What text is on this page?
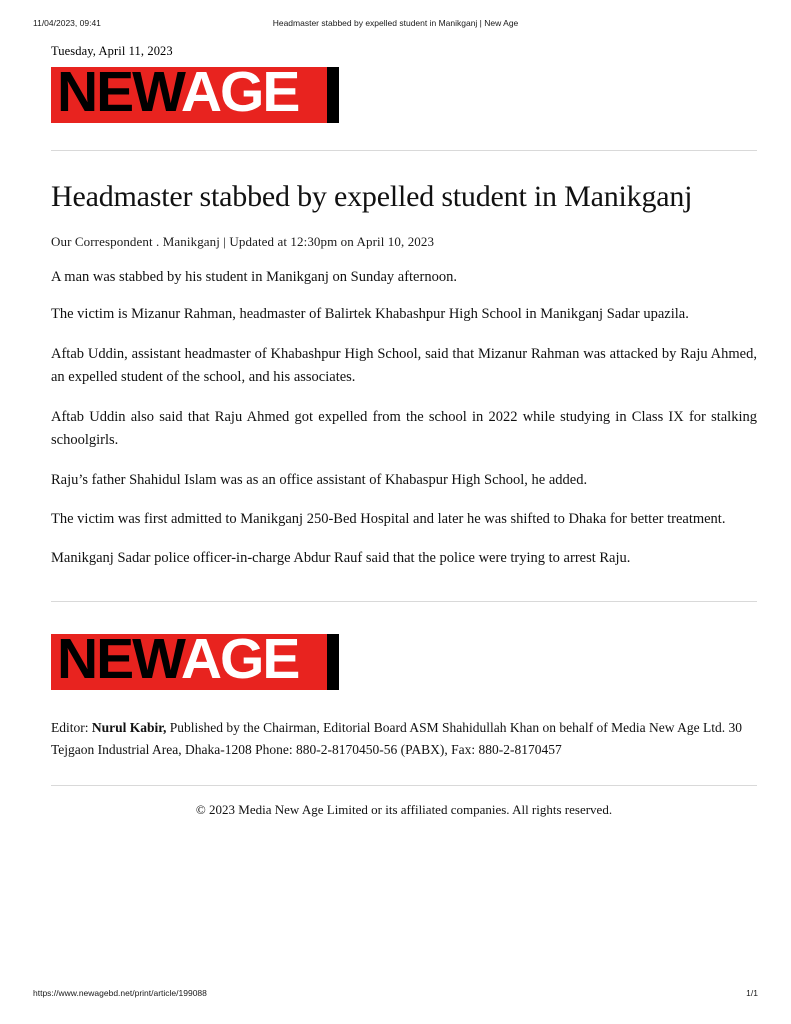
11/04/2023, 09:41	Headmaster stabbed by expelled student in Manikganj | New Age
Tuesday, April 11, 2023
NEWAGE
Headmaster stabbed by expelled student in Manikganj
Our Correspondent . Manikganj | Updated at 12:30pm on April 10, 2023

A man was stabbed by his student in Manikganj on Sunday afternoon.

The victim is Mizanur Rahman, headmaster of Balirtek Khabashpur High School in Manikganj Sadar upazila.

Aftab Uddin, assistant headmaster of Khabashpur High School, said that Mizanur Rahman was attacked by Raju Ahmed, an expelled student of the school, and his associates.

Aftab Uddin also said that Raju Ahmed got expelled from the school in 2022 while studying in Class IX for stalking schoolgirls.

Raju’s father Shahidul Islam was as an office assistant of Khabaspur High School, he added.

The victim was first admitted to Manikganj 250-Bed Hospital and later he was shifted to Dhaka for better treatment.

Manikganj Sadar police officer-in-charge Abdur Rauf said that the police were trying to arrest Raju.

NEWAGE
Editor: Nurul Kabir, Published by the Chairman, Editorial Board ASM Shahidullah Khan on behalf of Media New Age Ltd. 30 Tejgaon Industrial Area, Dhaka-1208 Phone: 880-2-8170450-56 (PABX), Fax: 880-2-8170457
© 2023 Media New Age Limited or its affiliated companies. All rights reserved.
https://www.newagebd.net/print/article/199088	1/1
